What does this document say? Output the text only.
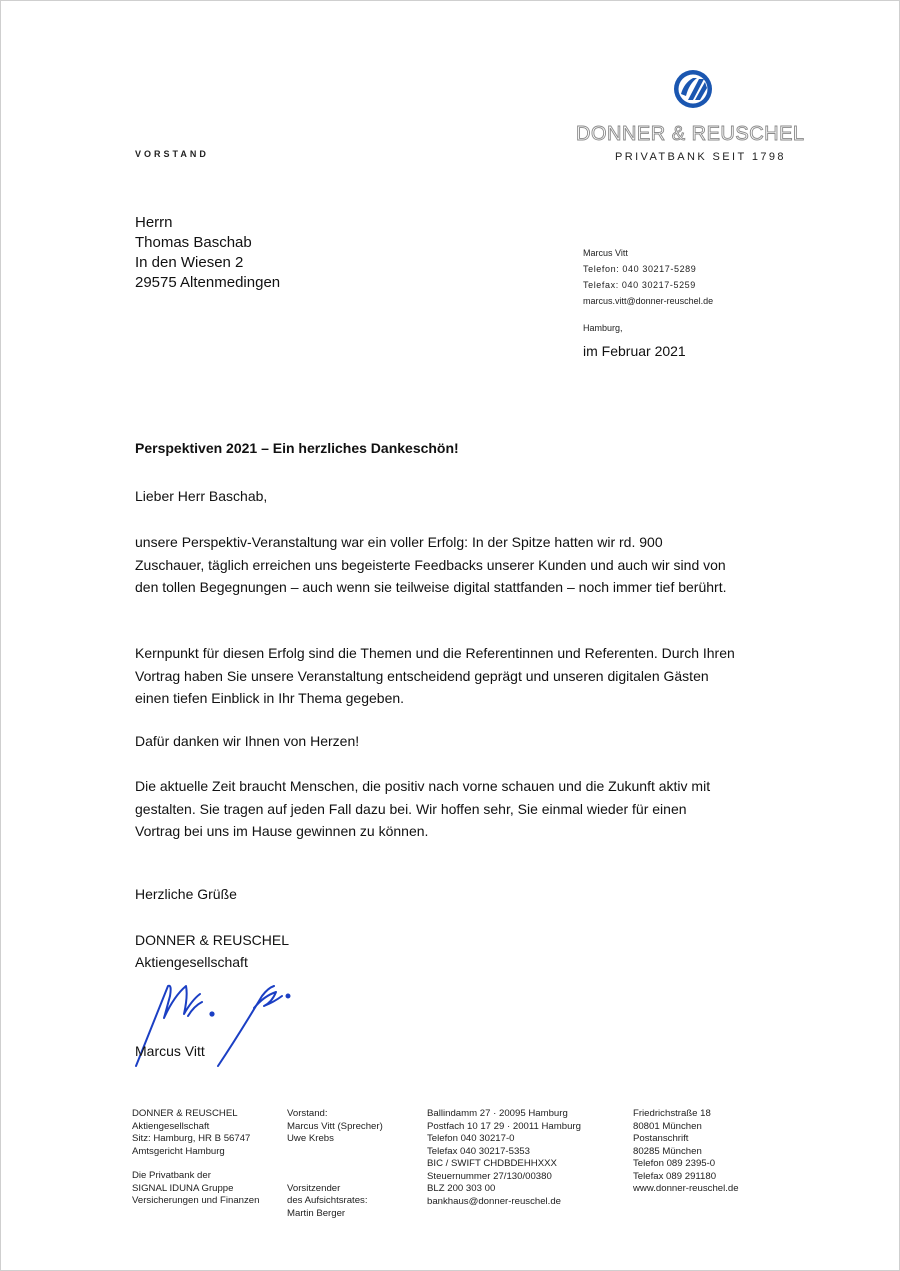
DONNER & REUSCHEL
PRIVATBANK SEIT 1798
VORSTAND
Herrn
Thomas Baschab
In den Wiesen 2
29575 Altenmedingen
Marcus Vitt
Telefon: 040 30217-5289
Telefax: 040 30217-5259
marcus.vitt@donner-reuschel.de
Hamburg,
im Februar 2021
Perspektiven 2021 – Ein herzliches Dankeschön!
Lieber Herr Baschab,
unsere Perspektiv-Veranstaltung war ein voller Erfolg: In der Spitze hatten wir rd. 900 Zuschauer, täglich erreichen uns begeisterte Feedbacks unserer Kunden und auch wir sind von den tollen Begegnungen – auch wenn sie teilweise digital stattfanden – noch immer tief berührt.
Kernpunkt für diesen Erfolg sind die Themen und die Referentinnen und Referenten. Durch Ihren Vortrag haben Sie unsere Veranstaltung entscheidend geprägt und unseren digitalen Gästen einen tiefen Einblick in Ihr Thema gegeben.
Dafür danken wir Ihnen von Herzen!
Die aktuelle Zeit braucht Menschen, die positiv nach vorne schauen und die Zukunft aktiv mit gestalten. Sie tragen auf jeden Fall dazu bei. Wir hoffen sehr, Sie einmal wieder für einen Vortrag bei uns im Hause gewinnen zu können.
Herzliche Grüße
DONNER & REUSCHEL
Aktiengesellschaft
Marcus Vitt
DONNER & REUSCHEL
Aktiengesellschaft
Sitz: Hamburg, HR B 56747
Amtsgericht Hamburg
Die Privatbank der
SIGNAL IDUNA Gruppe
Versicherungen und Finanzen
Vorstand:
Marcus Vitt (Sprecher)
Uwe Krebs
Vorsitzender
des Aufsichtsrates:
Martin Berger
Ballindamm 27 · 20095 Hamburg
Postfach 10 17 29 · 20011 Hamburg
Telefon 040 30217-0
Telefax 040 30217-5353
BIC / SWIFT CHDBDEHHXXX
Steuernummer 27/130/00380
BLZ 200 303 00
bankhaus@donner-reuschel.de
Friedrichstraße 18
80801 München
Postanschrift
80285 München
Telefon 089 2395-0
Telefax 089 291180
www.donner-reuschel.de
